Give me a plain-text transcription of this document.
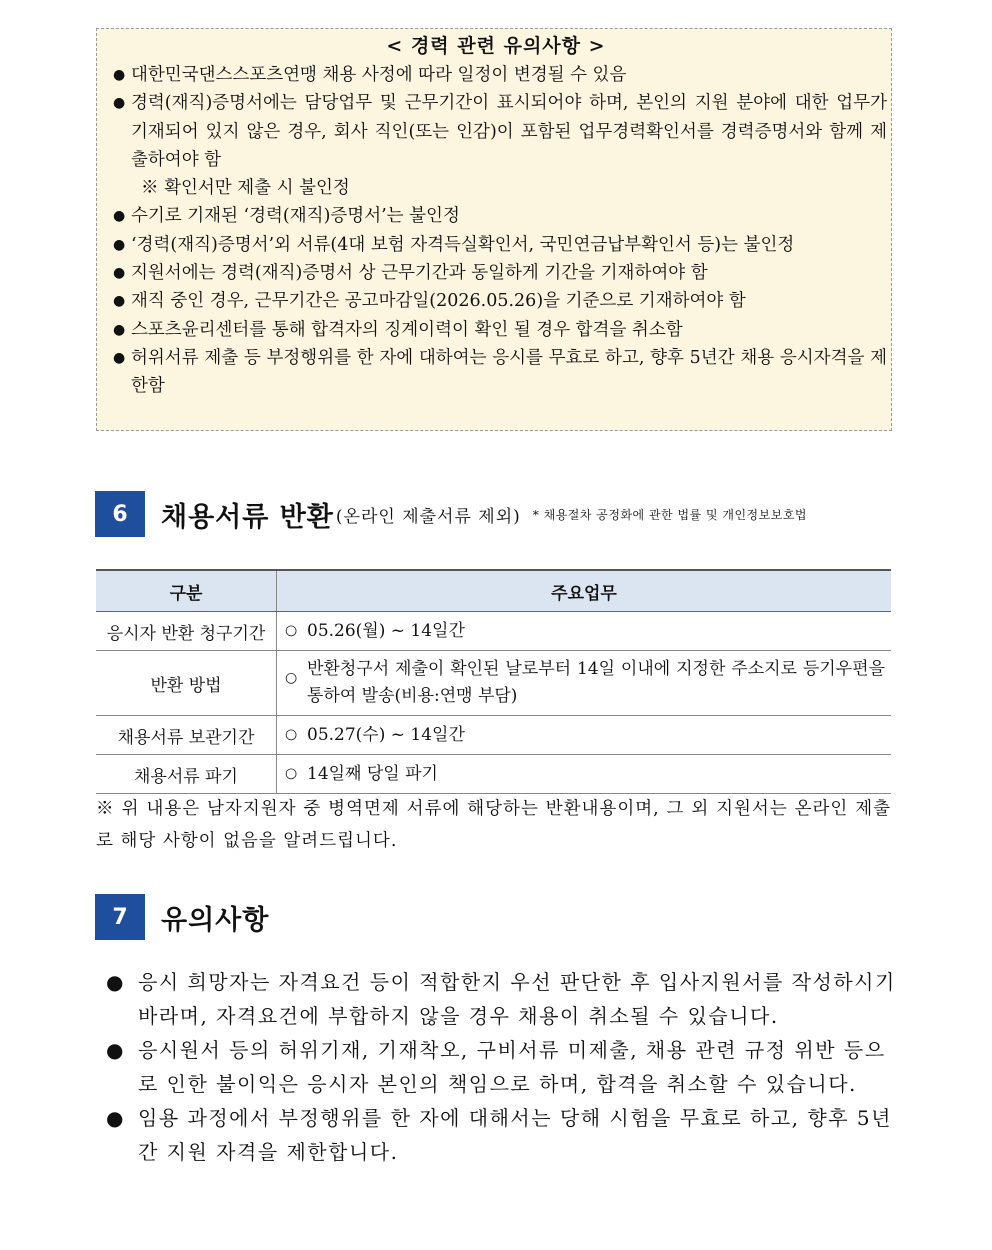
< 경력 관련 유의사항 >
● 대한민국댄스스포츠연맹 채용 사정에 따라 일정이 변경될 수 있음
● 경력(재직)증명서에는 담당업무 및 근무기간이 표시되어야 하며, 본인의 지원 분야에 대한 업무가 기재되어 있지 않은 경우, 회사 직인(또는 인감)이 포함된 업무경력확인서를 경력증명서와 함께 제출하여야 함
※ 확인서만 제출 시 불인정
● 수기로 기재된 ‘경력(재직)증명서’는 불인정
● ‘경력(재직)증명서’외 서류(4대 보험 자격득실확인서, 국민연금납부확인서 등)는 불인정
● 지원서에는 경력(재직)증명서 상 근무기간과 동일하게 기간을 기재하여야 함
● 재직 중인 경우, 근무기간은 공고마감일(2026.05.26)을 기준으로 기재하여야 함
● 스포츠윤리센터를 통해 합격자의 징계이력이 확인 될 경우 합격을 취소함
● 허위서류 제출 등 부정행위를 한 자에 대하여는 응시를 무효로 하고, 향후 5년간 채용 응시자격을 제한함
6	채용서류 반환 (온라인 제출서류 제외) * 채용절차 공정화에 관한 법률 및 개인정보보호법
구분	주요업무
응시자 반환 청구기간	○ 05.26(월) ~ 14일간
반환 방법	○ 반환청구서 제출이 확인된 날로부터 14일 이내에 지정한 주소지로 등기우편을 통하여 발송(비용:연맹 부담)
채용서류 보관기간	○ 05.27(수) ~ 14일간
채용서류 파기	○ 14일째 당일 파기
※ 위 내용은 남자지원자 중 병역면제 서류에 해당하는 반환내용이며, 그 외 지원서는 온라인 제출로 해당 사항이 없음을 알려드립니다.
7	유의사항
● 응시 희망자는 자격요건 등이 적합한지 우선 판단한 후 입사지원서를 작성하시기 바라며, 자격요건에 부합하지 않을 경우 채용이 취소될 수 있습니다.
● 응시원서 등의 허위기재, 기재착오, 구비서류 미제출, 채용 관련 규정 위반 등으로 인한 불이익은 응시자 본인의 책임으로 하며, 합격을 취소할 수 있습니다.
● 임용 과정에서 부정행위를 한 자에 대해서는 당해 시험을 무효로 하고, 향후 5년간 지원 자격을 제한합니다.
